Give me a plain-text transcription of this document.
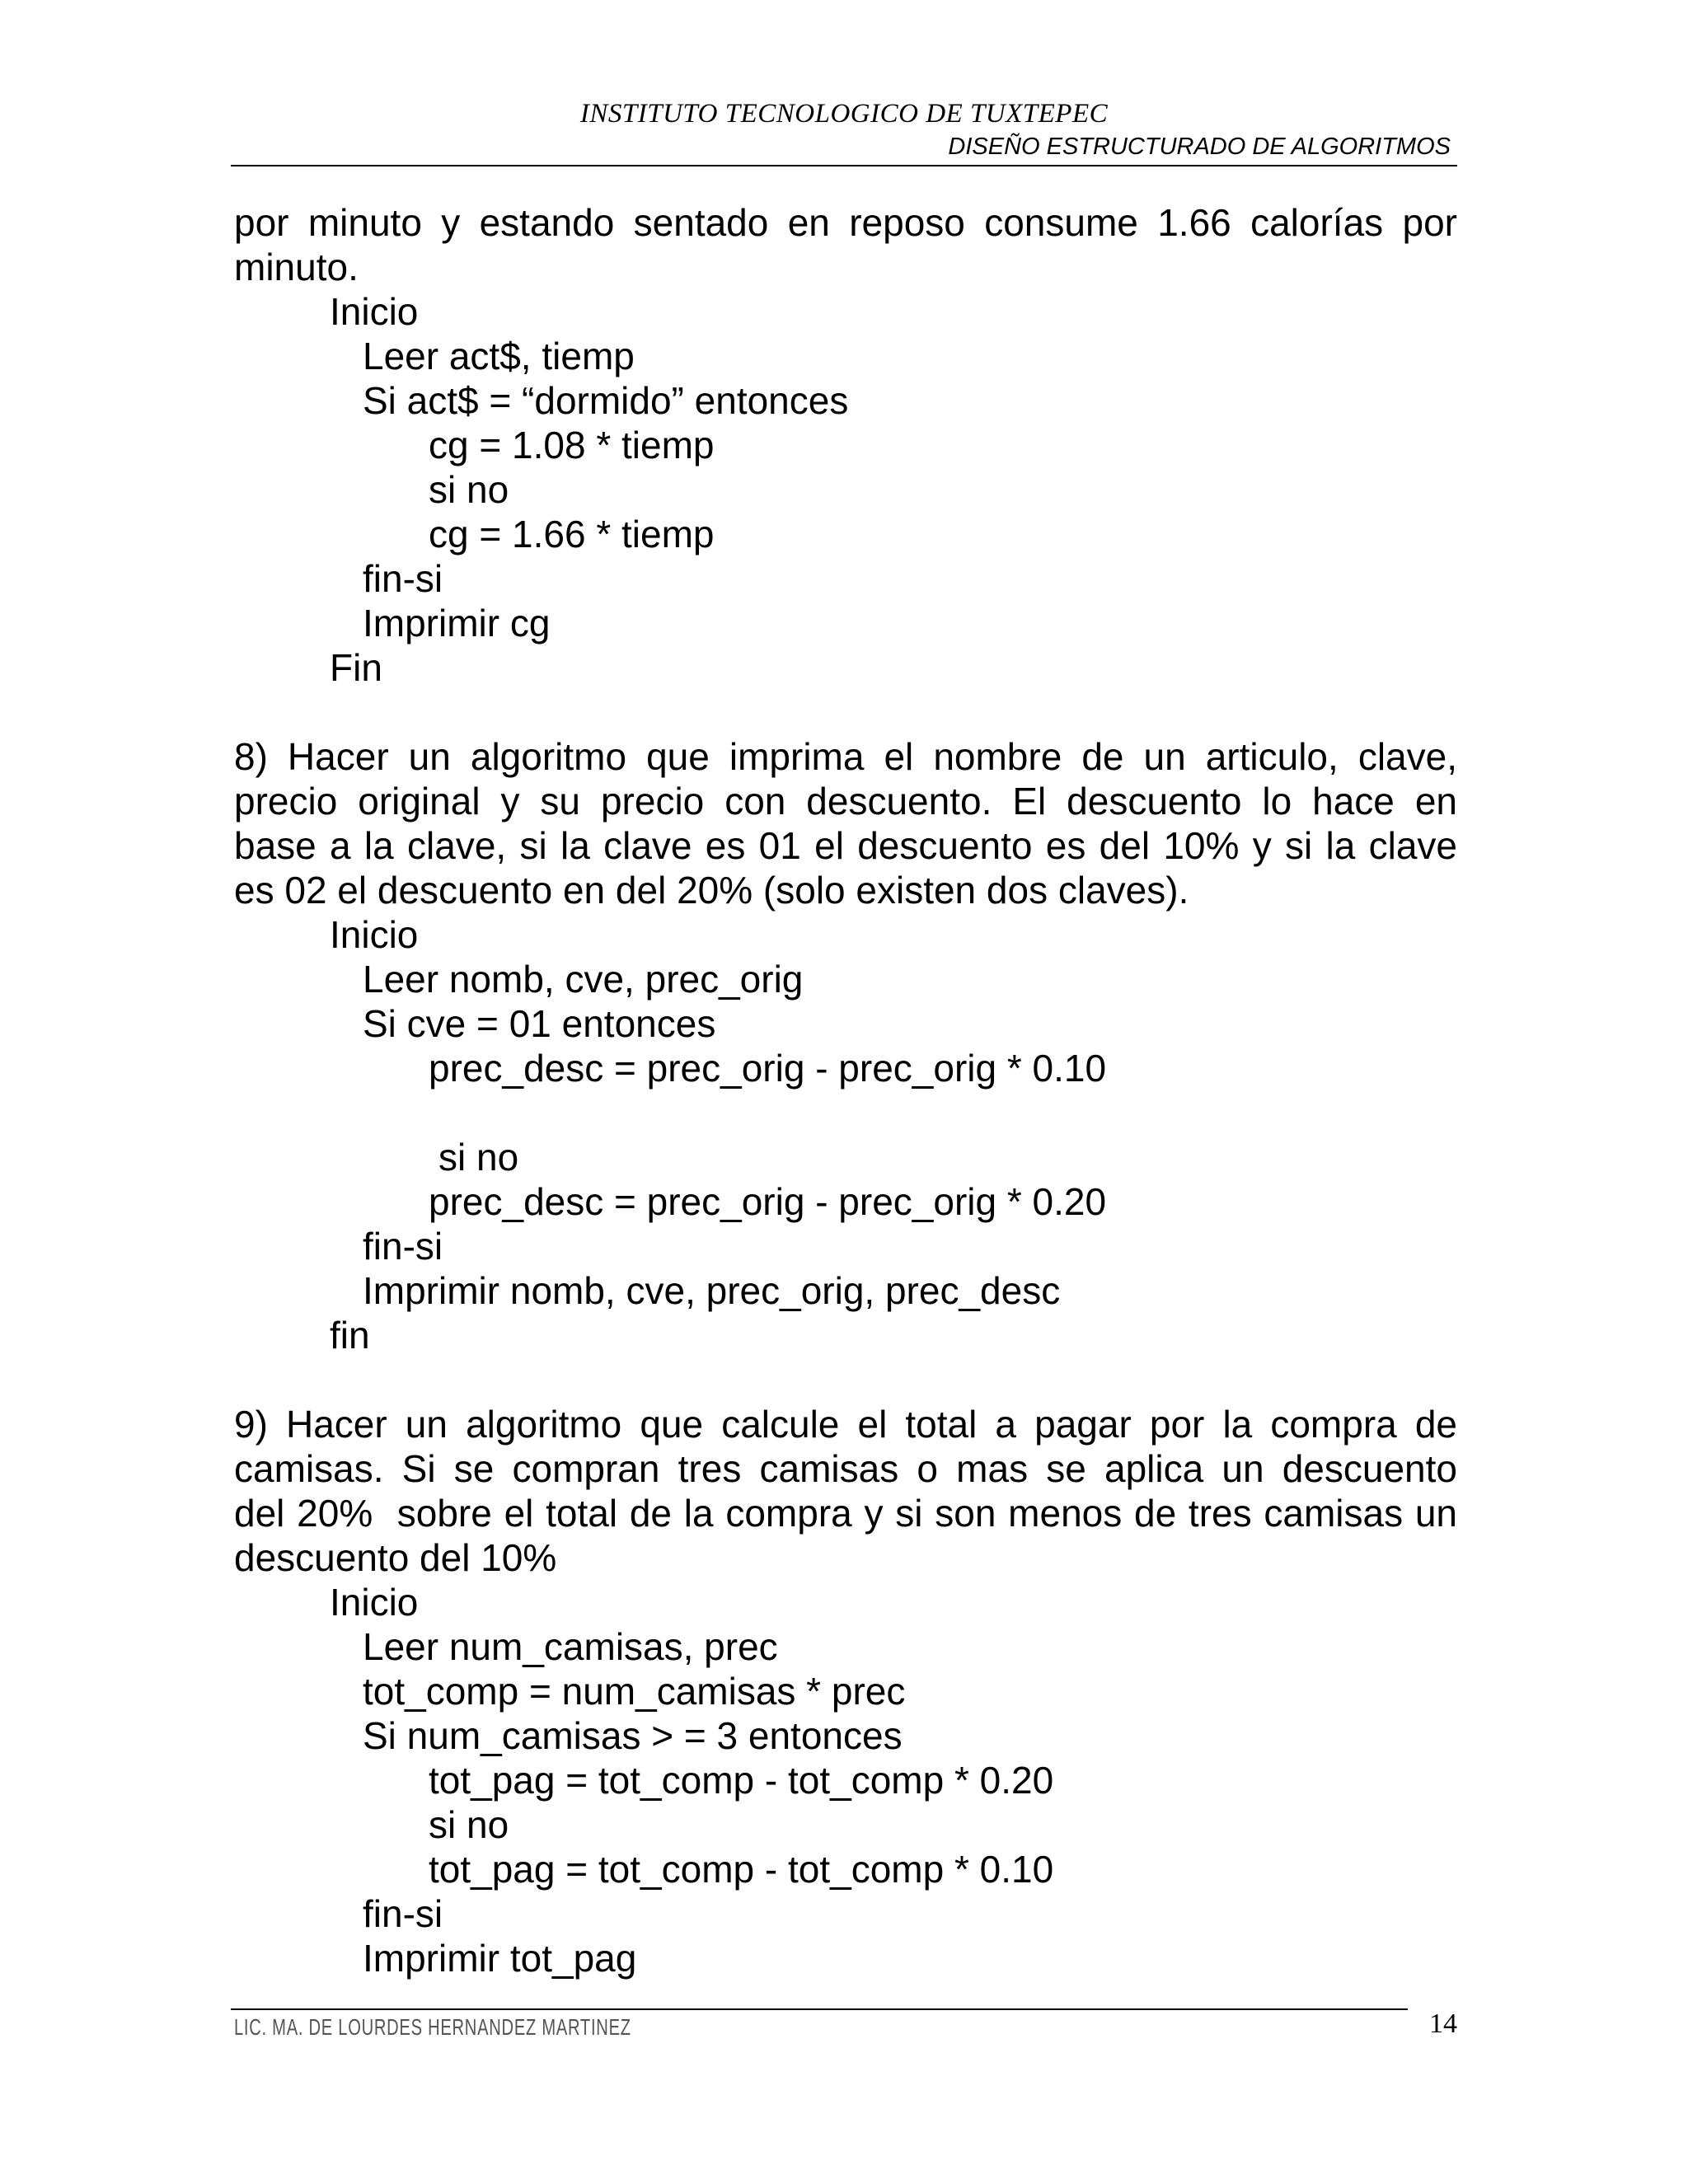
INSTITUTO TECNOLOGICO DE TUXTEPEC
DISEÑO ESTRUCTURADO DE ALGORITMOS
por minuto y estando sentado en reposo consume 1.66 calorías por
minuto.
Inicio
Leer act$, tiemp
Si act$ = “dormido” entonces
cg = 1.08 * tiemp
si no
cg = 1.66 * tiemp
fin-si
Imprimir cg
Fin
8) Hacer un algoritmo que imprima el nombre de un articulo, clave,
precio original y su precio con descuento. El descuento lo hace en
base a la clave, si la clave es 01 el descuento es del 10% y si la clave
es 02 el descuento en del 20% (solo existen dos claves).
Inicio
Leer nomb, cve, prec_orig
Si cve = 01 entonces
prec_desc = prec_orig - prec_orig * 0.10
si no
prec_desc = prec_orig - prec_orig * 0.20
fin-si
Imprimir nomb, cve, prec_orig, prec_desc
fin
9) Hacer un algoritmo que calcule el total a pagar por la compra de
camisas. Si se compran tres camisas o mas se aplica un descuento
del 20%  sobre el total de la compra y si son menos de tres camisas un
descuento del 10%
Inicio
Leer num_camisas, prec
tot_comp = num_camisas * prec
Si num_camisas > = 3 entonces
tot_pag = tot_comp - tot_comp * 0.20
si no
tot_pag = tot_comp - tot_comp * 0.10
fin-si
Imprimir tot_pag
LIC. MA. DE LOURDES HERNANDEZ MARTINEZ	14
